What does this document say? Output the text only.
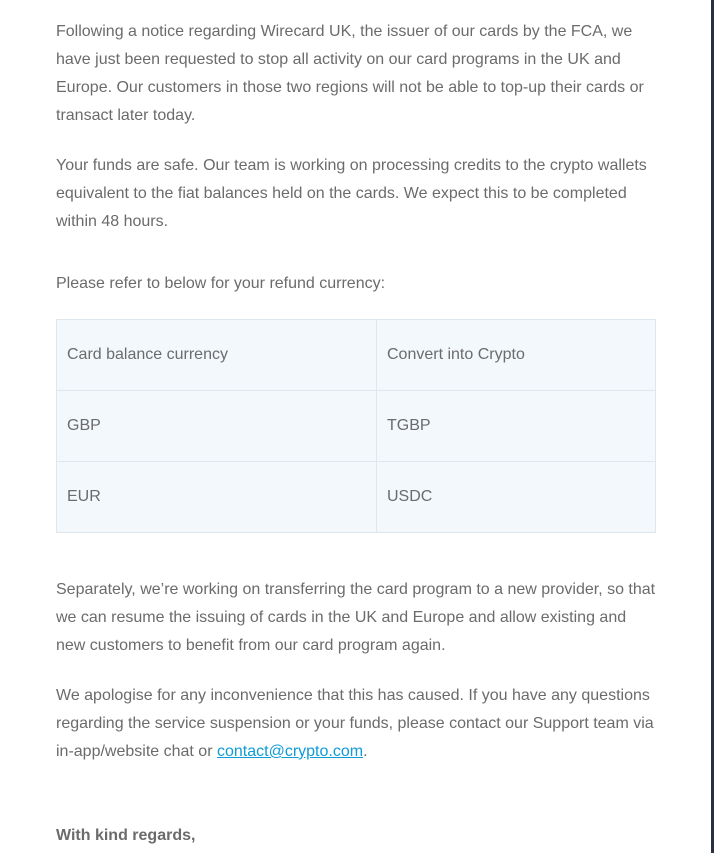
Following a notice regarding Wirecard UK, the issuer of our cards by the FCA, we have just been requested to stop all activity on our card programs in the UK and Europe. Our customers in those two regions will not be able to top-up their cards or transact later today.

Your funds are safe. Our team is working on processing credits to the crypto wallets equivalent to the fiat balances held on the cards. We expect this to be completed within 48 hours.

Please refer to below for your refund currency:

Card balance currency	Convert into Crypto
GBP	TGBP
EUR	USDC

Separately, we’re working on transferring the card program to a new provider, so that we can resume the issuing of cards in the UK and Europe and allow existing and new customers to benefit from our card program again.

We apologise for any inconvenience that this has caused. If you have any questions regarding the service suspension or your funds, please contact our Support team via in-app/website chat or contact@crypto.com.

With kind regards,
